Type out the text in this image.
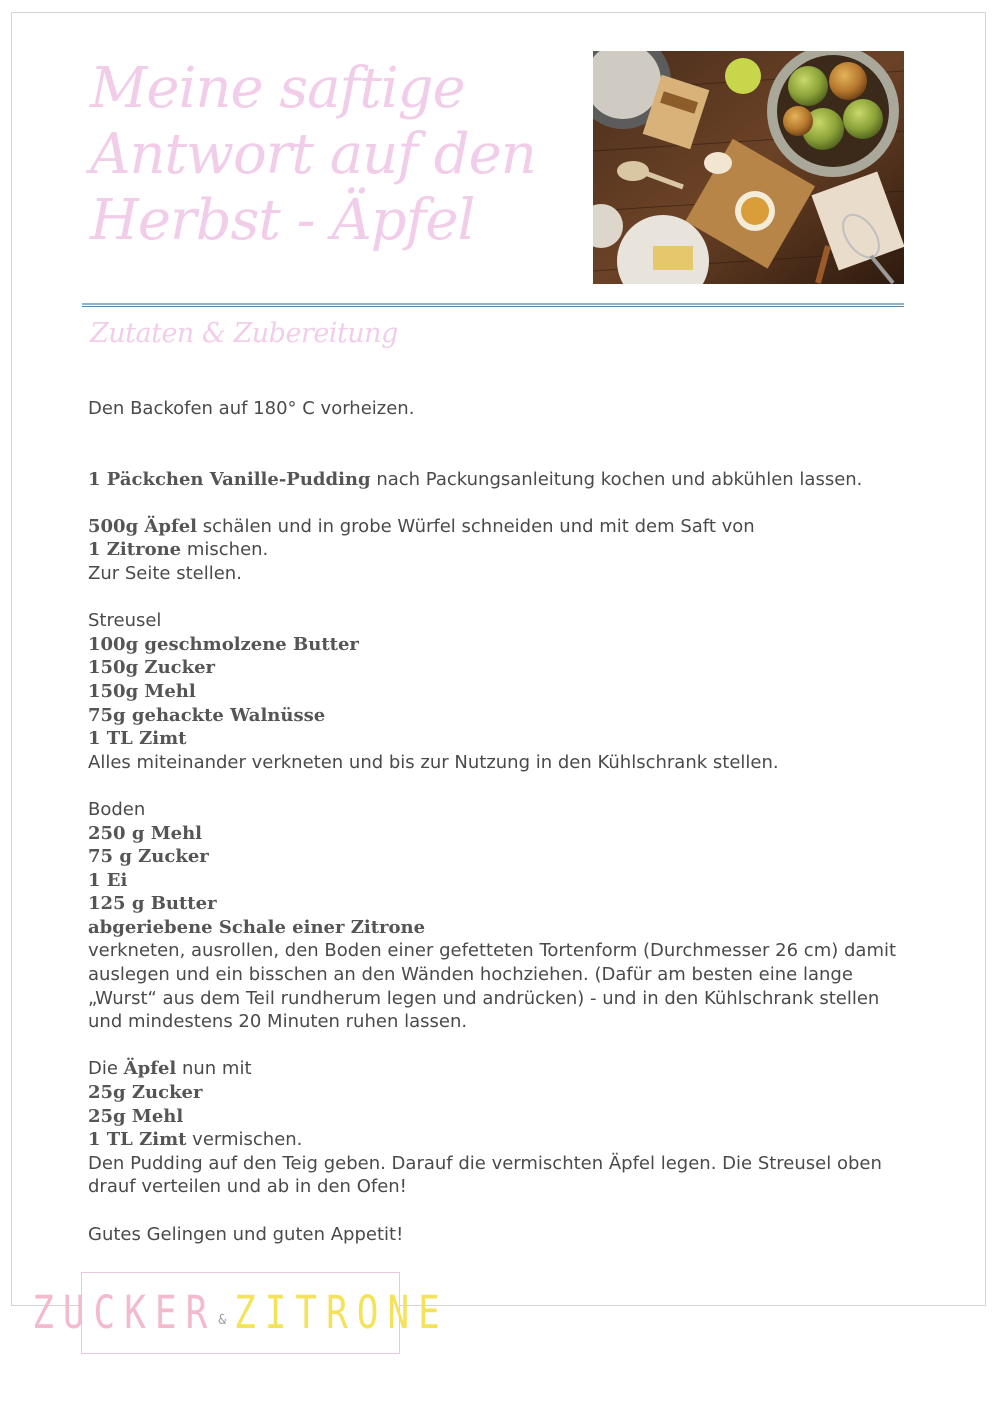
Meine saftige Antwort auf den Herbst - Äpfel
Zutaten & Zubereitung

Den Backofen auf 180° C vorheizen.

1 Päckchen Vanille-Pudding nach Packungsanleitung kochen und abkühlen lassen.

500g Äpfel schälen und in grobe Würfel schneiden und mit dem Saft von

1 Zitrone mischen.

Zur Seite stellen.

Streusel

100g geschmolzene Butter

150g Zucker

150g Mehl

75g gehackte Walnüsse

1 TL Zimt

Alles miteinander verkneten und bis zur Nutzung in den Kühlschrank stellen.

Boden

250 g Mehl

75 g Zucker

1 Ei

125 g Butter

abgeriebene Schale einer Zitrone

verkneten, ausrollen, den Boden einer gefetteten Tortenform (Durchmesser 26 cm) damit auslegen und ein bisschen an den Wänden hochziehen. (Dafür am besten eine lange „Wurst“ aus dem Teil rundherum legen und andrücken) - und in den Kühlschrank stellen und mindestens 20 Minuten ruhen lassen.

Die Äpfel nun mit

25g Zucker

25g Mehl

1 TL Zimt vermischen.

Den Pudding auf den Teig geben. Darauf die vermischten Äpfel legen. Die Streusel oben drauf verteilen und ab in den Ofen!

Gutes Gelingen und guten Appetit!

ZUCKER & ZITRONE
